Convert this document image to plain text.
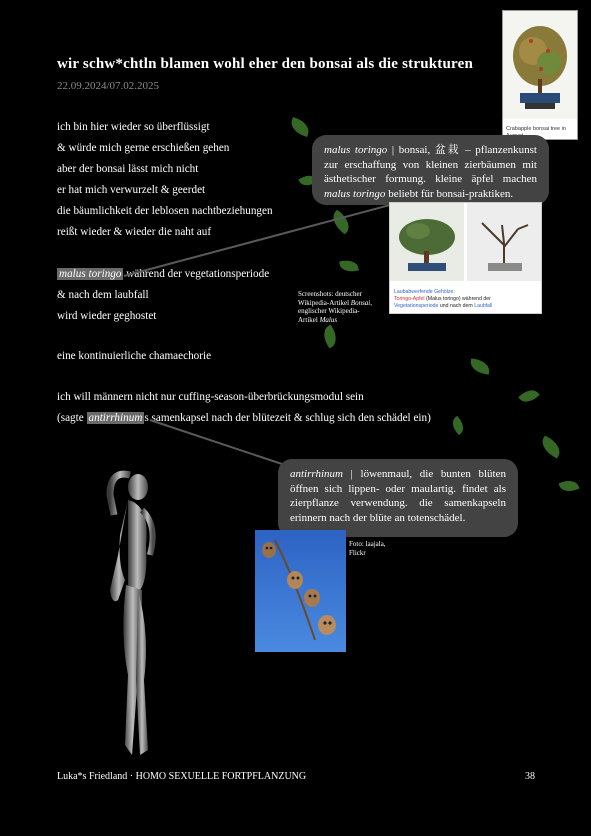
wir schw*chtln blamen wohl eher den bonsai als die strukturen
22.09.2024/07.02.2025
Crabapple bonsai tree in
ich bin hier wieder so überflüssigt
& würde mich gerne erschießen gehen
aber der bonsai lässt mich nicht
er hat mich verwurzelt & geerdet
die bäumlichkeit der leblosen nachtbeziehungen
reißt wieder & wieder die naht auf
malus toringo während der vegetationsperiode
& nach dem laubfall
wird wieder geghostet
eine kontinuierliche chamaechorie
ich will männern nicht nur cuffing-season-überbrückungsmodul sein
(sagte antirrhinum s samenkapsel nach der blütezeit & schlug sich den schädel ein)
malus toringo | bonsai, 盆栽 – pflanzenkunst zur erschaffung von kleinen zierbäumen mit ästhetischer formung. kleine äpfel machen malus toringo beliebt für bonsai-praktiken.
Laubabwerfende Gehölze:
Toringo-Apfel (Malus toringo) während der
Vegetationsperiode und nach dem Laubfall
Screenshots: deutscher
Wikipedia-Artikel Bonsai,
englischer Wikipedia-
Artikel Malus
antirrhinum | löwenmaul, die bunten blüten öffnen sich lippen- oder maulartig. findet als zierpflanze verwendung. die samenkapseln erinnern nach der blüte an totenschädel.
Foto: laajala,
Flickr
Luka*s Friedland · HOMO SEXUELLE FORTPFLANZUNG	38
